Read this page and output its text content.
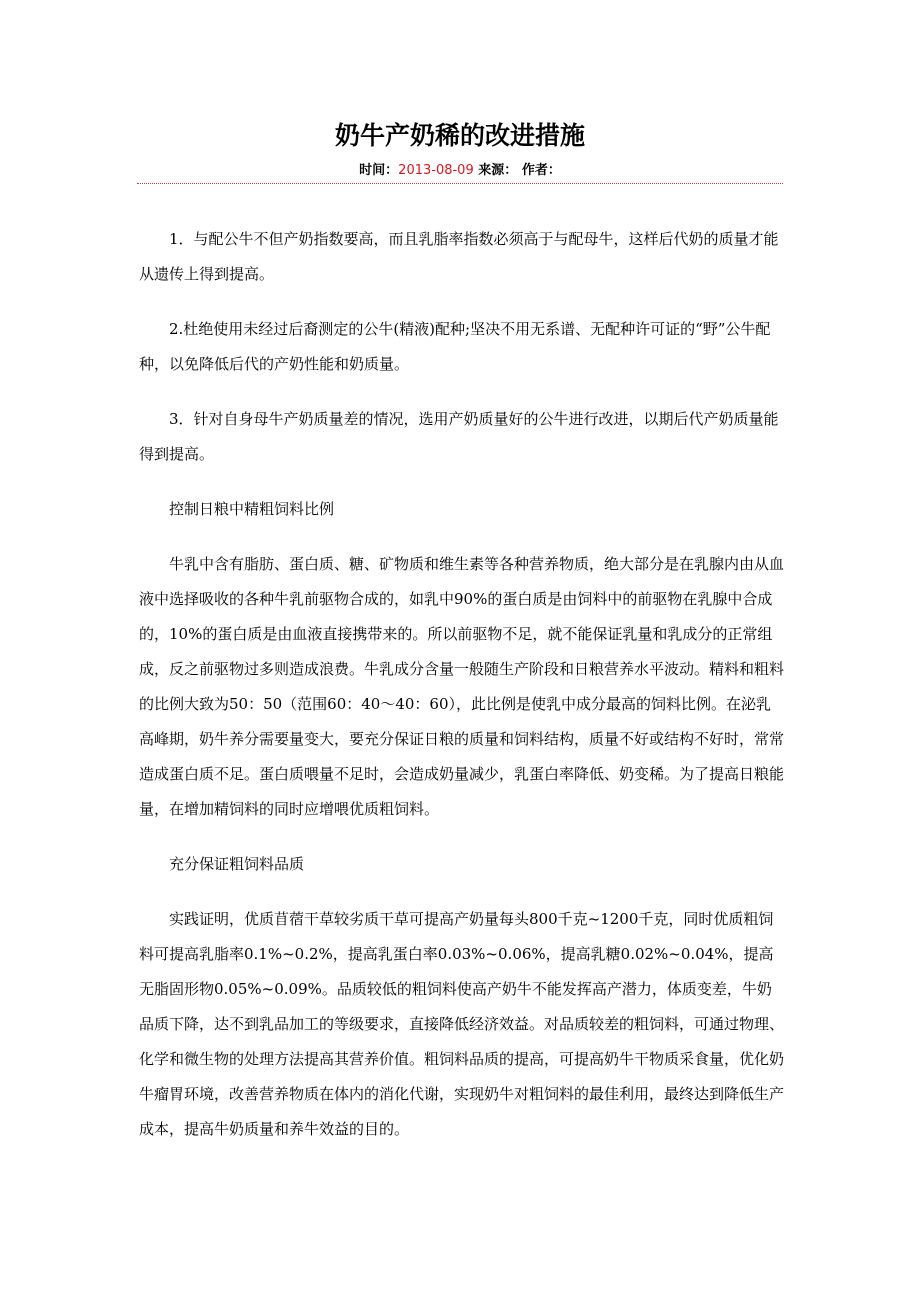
奶牛产奶稀的改进措施
时间：2013-08-09 来源： 作者：

1．与配公牛不但产奶指数要高，而且乳脂率指数必须高于与配母牛，这样后代奶的质量才能从遗传上得到提高。

2.杜绝使用未经过后裔测定的公牛(精液)配种;坚决不用无系谱、无配种许可证的“野”公牛配种，以免降低后代的产奶性能和奶质量。

3．针对自身母牛产奶质量差的情况，选用产奶质量好的公牛进行改进，以期后代产奶质量能得到提高。

控制日粮中精粗饲料比例

牛乳中含有脂肪、蛋白质、糖、矿物质和维生素等各种营养物质，绝大部分是在乳腺内由从血液中选择吸收的各种牛乳前驱物合成的，如乳中90%的蛋白质是由饲料中的前驱物在乳腺中合成的，10%的蛋白质是由血液直接携带来的。所以前驱物不足，就不能保证乳量和乳成分的正常组成，反之前驱物过多则造成浪费。牛乳成分含量一般随生产阶段和日粮营养水平波动。精料和粗料的比例大致为50：50（范围60：40～40：60），此比例是使乳中成分最高的饲料比例。在泌乳高峰期，奶牛养分需要量变大，要充分保证日粮的质量和饲料结构，质量不好或结构不好时，常常造成蛋白质不足。蛋白质喂量不足时，会造成奶量减少，乳蛋白率降低、奶变稀。为了提高日粮能量，在增加精饲料的同时应增喂优质粗饲料。

充分保证粗饲料品质

实践证明，优质苜蓿干草较劣质干草可提高产奶量每头800千克~1200千克，同时优质粗饲料可提高乳脂率0.1%~0.2%，提高乳蛋白率0.03%~0.06%，提高乳糖0.02%~0.04%，提高无脂固形物0.05%~0.09%。品质较低的粗饲料使高产奶牛不能发挥高产潜力，体质变差，牛奶品质下降，达不到乳品加工的等级要求，直接降低经济效益。对品质较差的粗饲料，可通过物理、化学和微生物的处理方法提高其营养价值。粗饲料品质的提高，可提高奶牛干物质采食量，优化奶牛瘤胃环境，改善营养物质在体内的消化代谢，实现奶牛对粗饲料的最佳利用，最终达到降低生产成本，提高牛奶质量和养牛效益的目的。
